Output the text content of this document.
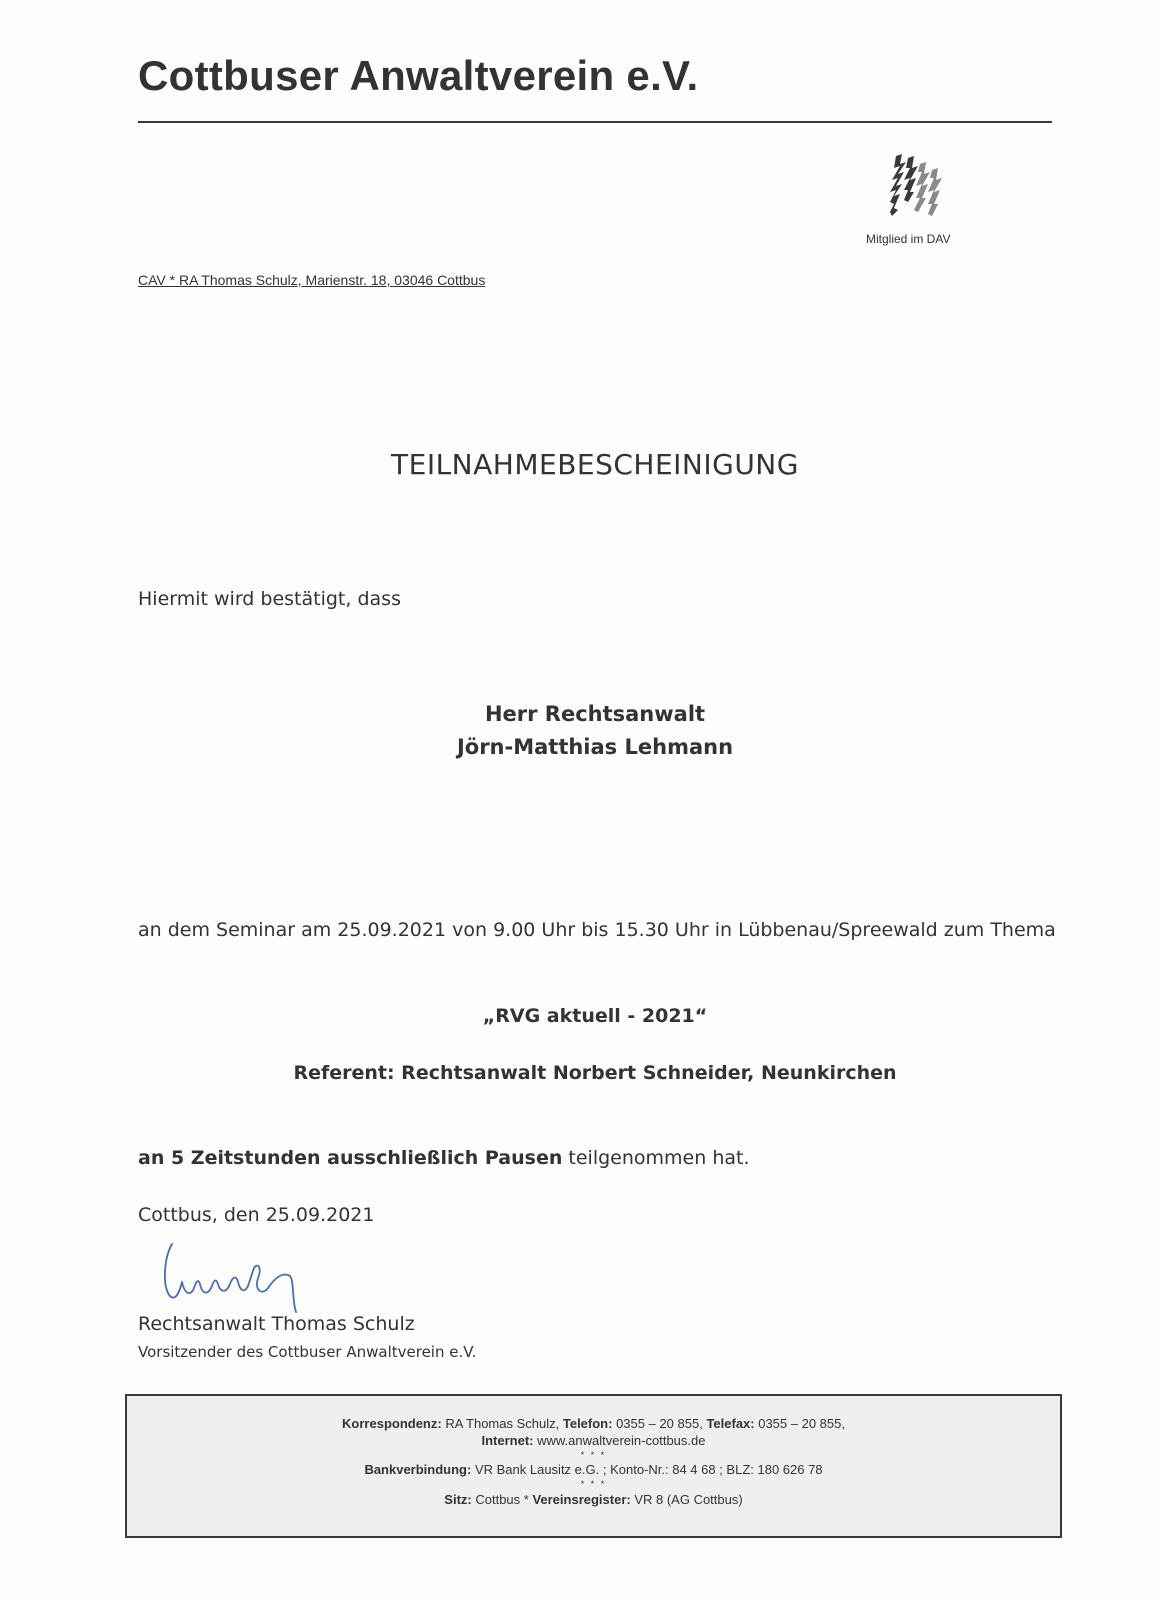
Cottbuser Anwaltverein e.V.
Mitglied im DAV
CAV * RA Thomas Schulz, Marienstr. 18, 03046 Cottbus
TEILNAHMEBESCHEINIGUNG
Hiermit wird bestätigt, dass
Herr Rechtsanwalt
Jörn-Matthias Lehmann
an dem Seminar am 25.09.2021 von 9.00 Uhr bis 15.30 Uhr in Lübbenau/Spreewald zum Thema
„RVG aktuell - 2021“
Referent: Rechtsanwalt Norbert Schneider, Neunkirchen
an 5 Zeitstunden ausschließlich Pausen teilgenommen hat.
Cottbus, den 25.09.2021
Rechtsanwalt Thomas Schulz
Vorsitzender des Cottbuser Anwaltverein e.V.
Korrespondenz: RA Thomas Schulz, Telefon: 0355 – 20 855, Telefax: 0355 – 20 855,
Internet: www.anwaltverein-cottbus.de
* * *
Bankverbindung: VR Bank Lausitz e.G. ; Konto-Nr.: 84 4 68 ; BLZ: 180 626 78
* * *
Sitz: Cottbus * Vereinsregister: VR 8 (AG Cottbus)
